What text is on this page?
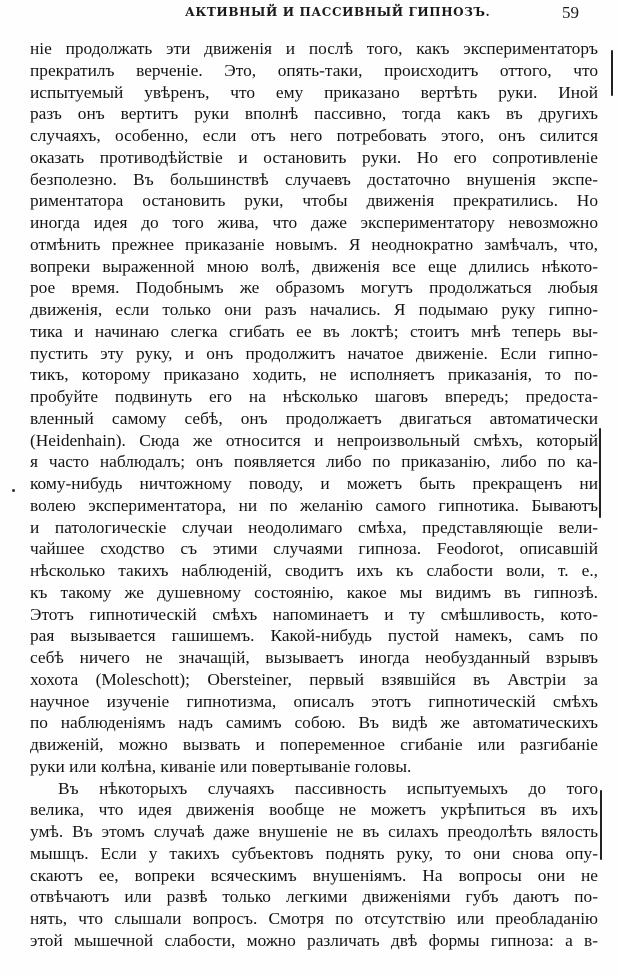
АКТИВНЫЙ И ПАССИВНЫЙ ГИПНОЗЪ.	59
ніе продолжать эти движенія и послѣ того, какъ экспериментаторъ
прекратилъ верченіе. Это, опять-таки, происходитъ оттого, что
испытуемый увѣренъ, что ему приказано вертѣть руки. Иной
разъ онъ вертитъ руки вполнѣ пассивно, тогда какъ въ другихъ
случаяхъ, особенно, если отъ него потребовать этого, онъ силится
оказать противодѣйствіе и остановить руки. Но его сопротивленіе
безполезно. Въ большинствѣ случаевъ достаточно внушенія экспе-
риментатора остановить руки, чтобы движенія прекратились. Но
иногда идея до того жива, что даже экспериментатору невозможно
отмѣнить прежнее приказаніе новымъ. Я неоднократно замѣчалъ, что,
вопреки выраженной мною волѣ, движенія все еще длились нѣкото-
рое время. Подобнымъ же образомъ могутъ продолжаться любыя
движенія, если только они разъ начались. Я подымаю руку гипно-
тика и начинаю слегка сгибать ее въ локтѣ; стоитъ мнѣ теперь вы-
пустить эту руку, и онъ продолжитъ начатое движеніе. Если гипно-
тикъ, которому приказано ходить, не исполняетъ приказанія, то по-
пробуйте подвинуть его на нѣсколько шаговъ впередъ; предоста-
вленный самому себѣ, онъ продолжаетъ двигаться автоматически
(Heidenhain). Сюда же относится и непроизвольный смѣхъ, который
я часто наблюдалъ; онъ появляется либо по приказанію, либо по ка-
кому-нибудь ничтожному поводу, и можетъ быть прекращенъ ни
волею экспериментатора, ни по желанію самого гипнотика. Бываютъ
и патологическіе случаи неодолимаго смѣха, представляющіе вели-
чайшее сходство съ этими случаями гипноза. Feodorot, описавшій
нѣсколько такихъ наблюденій, сводитъ ихъ къ слабости воли, т. е.,
къ такому же душевному состоянію, какое мы видимъ въ гипнозѣ.
Этотъ гипнотическій смѣхъ напоминаетъ и ту смѣшливость, кото-
рая вызывается гашишемъ. Какой-нибудь пустой намекъ, самъ по
себѣ ничего не значащій, вызываетъ иногда необузданный взрывъ
хохота (Moleschott); Obersteiner, первый взявшійся въ Австріи за
научное изученіе гипнотизма, описалъ этотъ гипнотическій смѣхъ
по наблюденіямъ надъ самимъ собою. Въ видѣ же автоматическихъ
движеній, можно вызвать и попеременное сгибаніе или разгибаніе
руки или колѣна, киваніе или повертываніе головы.
Въ нѣкоторыхъ случаяхъ пассивность испытуемыхъ до того
велика, что идея движенія вообще не можетъ укрѣпиться въ ихъ
умѣ. Въ этомъ случаѣ даже внушеніе не въ силахъ преодолѣть вялость
мышцъ. Если у такихъ субъектовъ поднять руку, то они снова опу-
скаютъ ее, вопреки всяческимъ внушеніямъ. На вопросы они не
отвѣчаютъ или развѣ только легкими движеніями губъ даютъ по-
нять, что слышали вопросъ. Смотря по отсутствію или преобладанію
этой мышечной слабости, можно различать двѣ формы гипноза: а в-
